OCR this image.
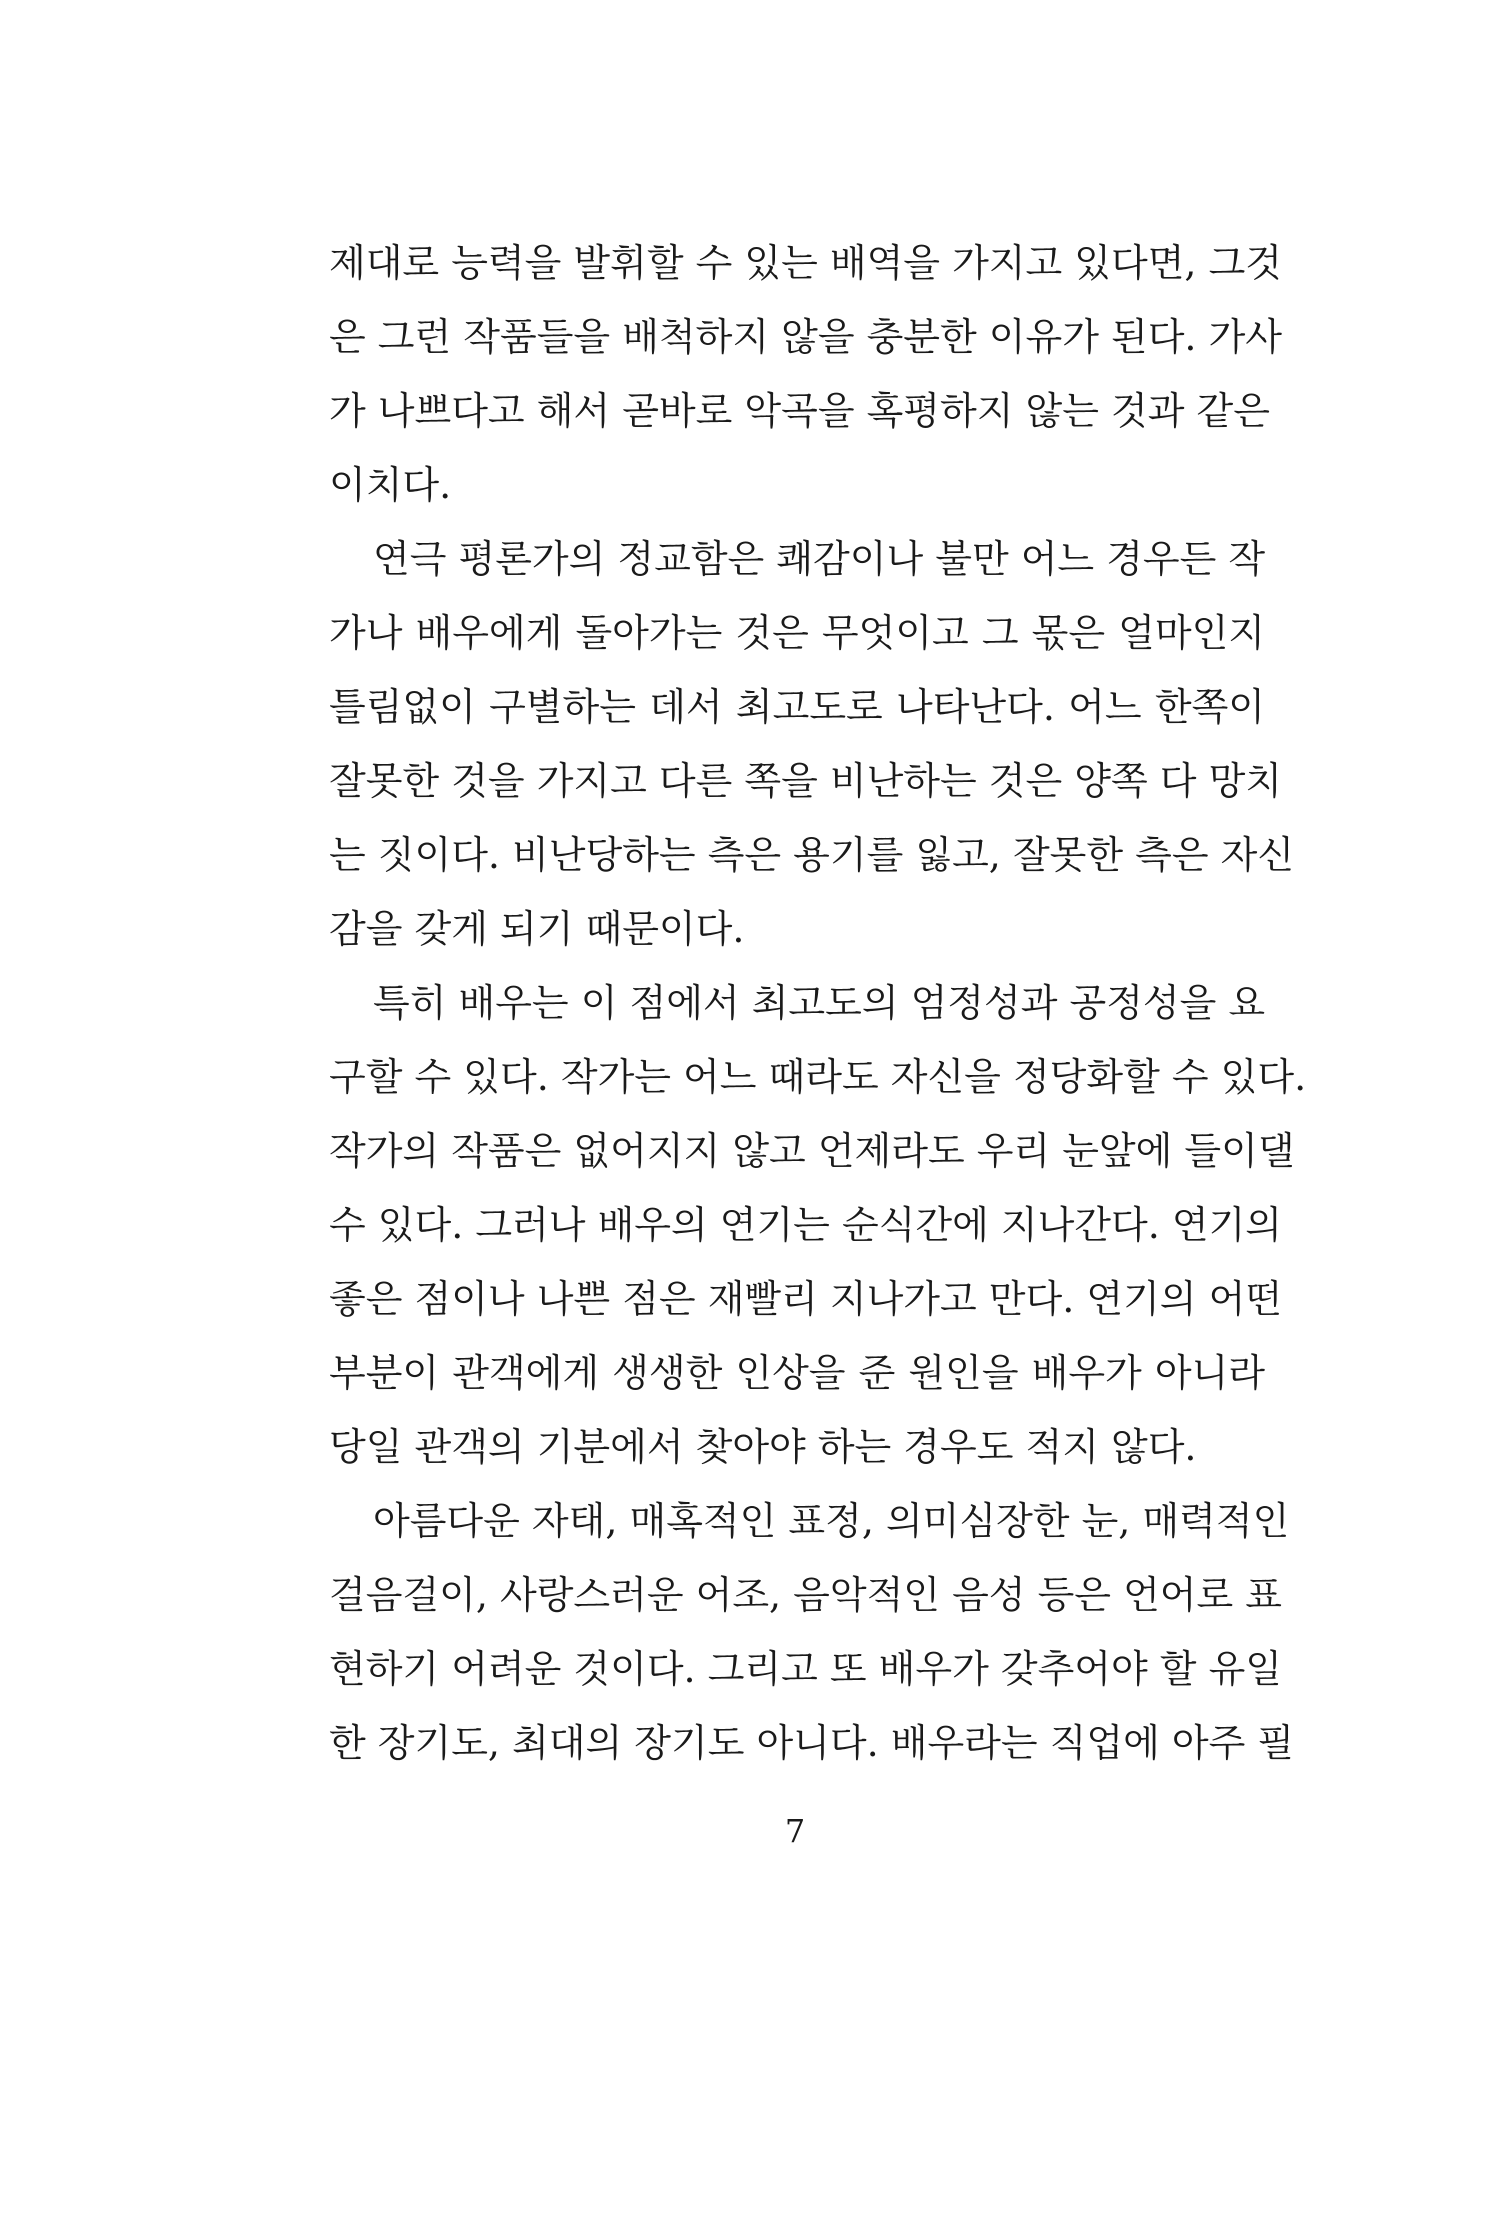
제대로 능력을 발휘할 수 있는 배역을 가지고 있다면, 그것
은 그런 작품들을 배척하지 않을 충분한 이유가 된다. 가사
가 나쁘다고 해서 곧바로 악곡을 혹평하지 않는 것과 같은
이치다.
연극 평론가의 정교함은 쾌감이나 불만 어느 경우든 작
가나 배우에게 돌아가는 것은 무엇이고 그 몫은 얼마인지
틀림없이 구별하는 데서 최고도로 나타난다. 어느 한쪽이
잘못한 것을 가지고 다른 쪽을 비난하는 것은 양쪽 다 망치
는 짓이다. 비난당하는 측은 용기를 잃고, 잘못한 측은 자신
감을 갖게 되기 때문이다.
특히 배우는 이 점에서 최고도의 엄정성과 공정성을 요
구할 수 있다. 작가는 어느 때라도 자신을 정당화할 수 있다.
작가의 작품은 없어지지 않고 언제라도 우리 눈앞에 들이댈
수 있다. 그러나 배우의 연기는 순식간에 지나간다. 연기의
좋은 점이나 나쁜 점은 재빨리 지나가고 만다. 연기의 어떤
부분이 관객에게 생생한 인상을 준 원인을 배우가 아니라
당일 관객의 기분에서 찾아야 하는 경우도 적지 않다.
아름다운 자태, 매혹적인 표정, 의미심장한 눈, 매력적인
걸음걸이, 사랑스러운 어조, 음악적인 음성 등은 언어로 표
현하기 어려운 것이다. 그리고 또 배우가 갖추어야 할 유일
한 장기도, 최대의 장기도 아니다. 배우라는 직업에 아주 필
7
